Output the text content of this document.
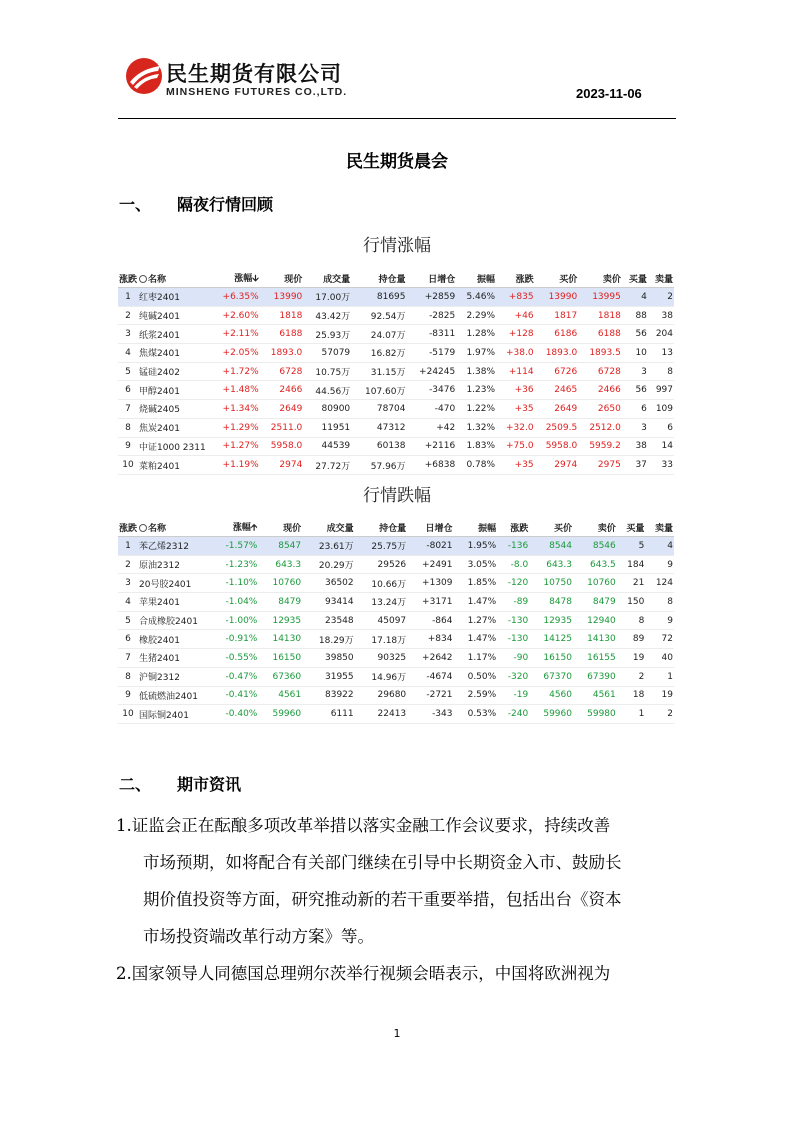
民生期货有限公司
MINSHENG FUTURES CO.,LTD.	2023-11-06
民生期货晨会
一、 隔夜行情回顾
行情涨幅
涨跌	名称	涨幅🡫	现价	成交量	持仓量	日增仓	振幅	涨跌	买价	卖价	买量	卖量
1	红枣2401	+6.35%	13990	17.00万	81695	+2859	5.46%	+835	13990	13995	4	2
2	纯碱2401	+2.60%	1818	43.42万	92.54万	-2825	2.29%	+46	1817	1818	88	38
3	纸浆2401	+2.11%	6188	25.93万	24.07万	-8311	1.28%	+128	6186	6188	56	204
4	焦煤2401	+2.05%	1893.0	57079	16.82万	-5179	1.97%	+38.0	1893.0	1893.5	10	13
5	锰硅2402	+1.72%	6728	10.75万	31.15万	+24245	1.38%	+114	6726	6728	3	8
6	甲醇2401	+1.48%	2466	44.56万	107.60万	-3476	1.23%	+36	2465	2466	56	997
7	烧碱2405	+1.34%	2649	80900	78704	-470	1.22%	+35	2649	2650	6	109
8	焦炭2401	+1.29%	2511.0	11951	47312	+42	1.32%	+32.0	2509.5	2512.0	3	6
9	中证1000 2311	+1.27%	5958.0	44539	60138	+2116	1.83%	+75.0	5958.0	5959.2	38	14
10	菜粕2401	+1.19%	2974	27.72万	57.96万	+6838	0.78%	+35	2974	2975	37	33
行情跌幅
涨跌	名称	涨幅🡩	现价	成交量	持仓量	日增仓	振幅	涨跌	买价	卖价	买量	卖量
1	苯乙烯2312	-1.57%	8547	23.61万	25.75万	-8021	1.95%	-136	8544	8546	5	4
2	原油2312	-1.23%	643.3	20.29万	29526	+2491	3.05%	-8.0	643.3	643.5	184	9
3	20号胶2401	-1.10%	10760	36502	10.66万	+1309	1.85%	-120	10750	10760	21	124
4	苹果2401	-1.04%	8479	93414	13.24万	+3171	1.47%	-89	8478	8479	150	8
5	合成橡胶2401	-1.00%	12935	23548	45097	-864	1.27%	-130	12935	12940	8	9
6	橡胶2401	-0.91%	14130	18.29万	17.18万	+834	1.47%	-130	14125	14130	89	72
7	生猪2401	-0.55%	16150	39850	90325	+2642	1.17%	-90	16150	16155	19	40
8	沪铜2312	-0.47%	67360	31955	14.96万	-4674	0.50%	-320	67370	67390	2	1
9	低硫燃油2401	-0.41%	4561	83922	29680	-2721	2.59%	-19	4560	4561	18	19
10	国际铜2401	-0.40%	59960	6111	22413	-343	0.53%	-240	59960	59980	1	2
二、 期市资讯
1.证监会正在酝酿多项改革举措以落实金融工作会议要求，持续改善
市场预期，如将配合有关部门继续在引导中长期资金入市、鼓励长
期价值投资等方面，研究推动新的若干重要举措，包括出台《资本
市场投资端改革行动方案》等。
2.国家领导人同德国总理朔尔茨举行视频会晤表示，中国将欧洲视为
1
